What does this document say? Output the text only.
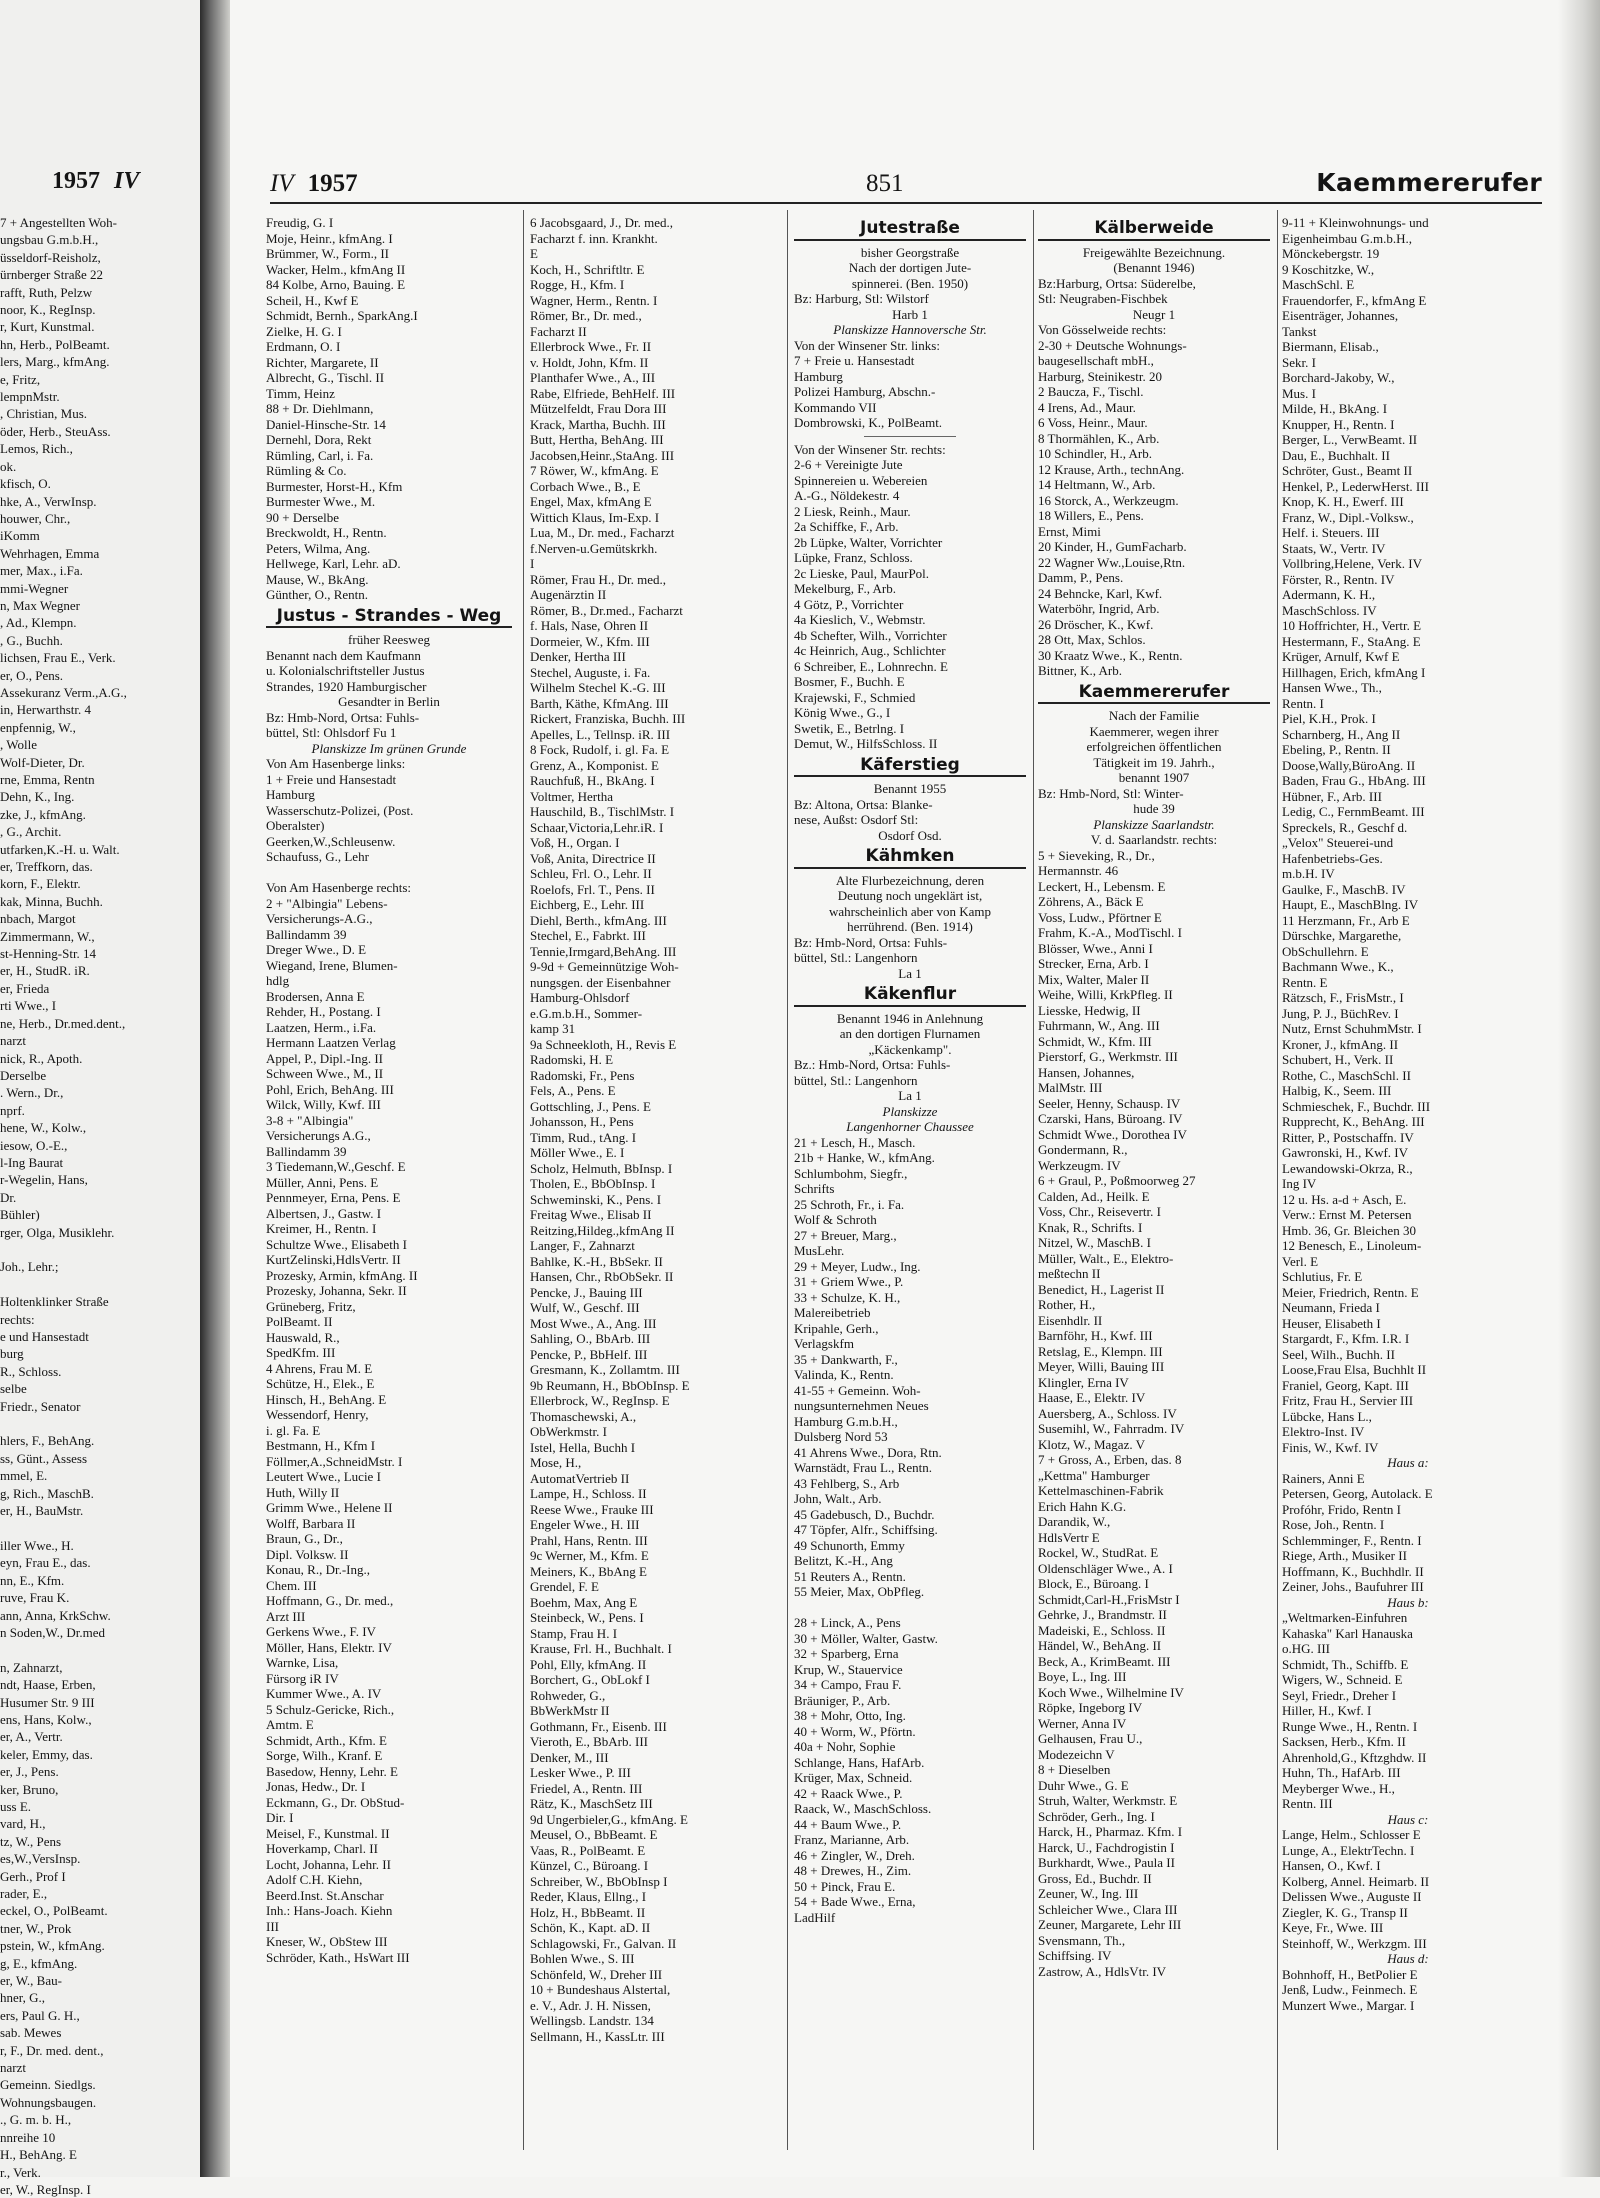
1957 IV
7 + Angestellten Woh-
ungsbau G.m.b.H.,
üsseldorf-Reisholz,
ürnberger Straße 22
rafft, Ruth, Pelzw
noor, K., RegInsp.
r, Kurt, Kunstmal.
hn, Herb., PolBeamt.
lers, Marg., kfmAng.
e, Fritz,
lempnMstr.
, Christian, Mus.
öder, Herb., SteuAss.
Lemos, Rich.,
ok.
kfisch, O.
hke, A., VerwInsp.
houwer, Chr.,
iKomm
Wehrhagen, Emma
mer, Max., i.Fa.
mmi-Wegner
n, Max Wegner
, Ad., Klempn.
, G., Buchh.
lichsen, Frau E., Verk.
er, O., Pens.
Assekuranz Verm.,A.G.,
in, Herwarthstr. 4
enpfennig, W.,
, Wolle
Wolf-Dieter, Dr.
rne, Emma, Rentn
Dehn, K., Ing.
zke, J., kfmAng.
, G., Archit.
utfarken,K.-H. u. Walt.
er, Treffkorn, das.
korn, F., Elektr.
kak, Minna, Buchh.
nbach, Margot
Zimmermann, W.,
st-Henning-Str. 14
er, H., StudR. iR.
er, Frieda
rti Wwe., I
ne, Herb., Dr.med.dent.,
narzt
nick, R., Apoth.
Derselbe
. Wern., Dr.,
nprf.
hene, W., Kolw.,
iesow, O.-E.,
l-Ing Baurat
r-Wegelin, Hans,
Dr.
Bühler)
rger, Olga, Musiklehr.

Joh., Lehr.;

Holtenklinker Straße
rechts:
e und Hansestadt
burg
R., Schloss.
selbe
Friedr., Senator

hlers, F., BehAng.
ss, Günt., Assess
mmel, E.
g, Rich., MaschB.
er, H., BauMstr.

iller Wwe., H.
eyn, Frau E., das.
nn, E., Kfm.
ruve, Frau K.
ann, Anna, KrkSchw.
n Soden,W., Dr.med

n, Zahnarzt,
ndt, Haase, Erben,
Husumer Str. 9 III
ens, Hans, Kolw.,
er, A., Vertr.
keler, Emmy, das.
er, J., Pens.
ker, Bruno,
uss E.
vard, H.,
tz, W., Pens
es,W.,VersInsp.
Gerh., Prof I
rader, E.,
eckel, O., PolBeamt.
tner, W., Prok
pstein, W., kfmAng.
g, E., kfmAng.
er, W., Bau-
hner, G.,
ers, Paul G. H.,
sab. Mewes
r, F., Dr. med. dent.,
narzt
Gemeinn. Siedlgs.
Wohnungsbaugen.
., G. m. b. H.,
nnreihe 10
H., BehAng. E
r., Verk.
er, W., RegInsp. I
IV 1957	851	Kaemmererufer
Freudig, G. I
Moje, Heinr., kfmAng. I
Brümmer, W., Form., II
Wacker, Helm., kfmAng II
84 Kolbe, Arno, Bauing. E
Scheil, H., Kwf E
Schmidt, Bernh., SparkAng.I
Zielke, H. G. I
Erdmann, O. I
Richter, Margarete, II
Albrecht, G., Tischl. II
Timm, Heinz
88 + Dr. Diehlmann,
Daniel-Hinsche-Str. 14
Dernehl, Dora, Rekt
Rümling, Carl, i. Fa.
Rümling & Co.
Burmester, Horst-H., Kfm
Burmester Wwe., M.
90 + Derselbe
Breckwoldt, H., Rentn.
Peters, Wilma, Ang.
Hellwege, Karl, Lehr. aD.
Mause, W., BkAng.
Günther, O., Rentn.
Justus - Strandes - Weg
früher Reesweg
Benannt nach dem Kaufmann
u. Kolonialschriftsteller Justus
Strandes, 1920 Hamburgischer
Gesandter in Berlin
Bz: Hmb-Nord, Ortsa: Fuhls-
büttel, Stl: Ohlsdorf Fu 1
Planskizze Im grünen Grunde
Von Am Hasenberge links:
1 + Freie und Hansestadt
Hamburg
Wasserschutz-Polizei, (Post.
Oberalster)
Geerken,W.,Schleusenw.
Schaufuss, G., Lehr

Von Am Hasenberge rechts:
2 + "Albingia" Lebens-
Versicherungs-A.G.,
Ballindamm 39
Dreger Wwe., D. E
Wiegand, Irene, Blumen-
hdlg
Brodersen, Anna E
Rehder, H., Postang. I
Laatzen, Herm., i.Fa.
Hermann Laatzen Verlag
Appel, P., Dipl.-Ing. II
Schween Wwe., M., II
Pohl, Erich, BehAng. III
Wilck, Willy, Kwf. III
3-8 + "Albingia"
Versicherungs A.G.,
Ballindamm 39
3 Tiedemann,W.,Geschf. E
Müller, Anni, Pens. E
Pennmeyer, Erna, Pens. E
Albertsen, J., Gastw. I
Kreimer, H., Rentn. I
Schultze Wwe., Elisabeth I
KurtZelinski,HdlsVertr. II
Prozesky, Armin, kfmAng. II
Prozesky, Johanna, Sekr. II
Grüneberg, Fritz,
PolBeamt. II
Hauswald, R.,
SpedKfm. III
4 Ahrens, Frau M. E
Schütze, H., Elek., E
Hinsch, H., BehAng. E
Wessendorf, Henry,
i. gl. Fa. E
Bestmann, H., Kfm I
Föllmer,A.,SchneidMstr. I
Leutert Wwe., Lucie I
Huth, Willy II
Grimm Wwe., Helene II
Wolff, Barbara II
Braun, G., Dr.,
Dipl. Volksw. II
Konau, R., Dr.-Ing.,
Chem. III
Hoffmann, G., Dr. med.,
Arzt III
Gerkens Wwe., F. IV
Möller, Hans, Elektr. IV
Warnke, Lisa,
Fürsorg iR IV
Kummer Wwe., A. IV
5 Schulz-Gericke, Rich.,
Amtm. E
Schmidt, Arth., Kfm. E
Sorge, Wilh., Kranf. E
Basedow, Henny, Lehr. E
Jonas, Hedw., Dr. I
Eckmann, G., Dr. ObStud-
Dir. I
Meisel, F., Kunstmal. II
Hoverkamp, Charl. II
Locht, Johanna, Lehr. II
Adolf C.H. Kiehn,
Beerd.Inst. St.Anschar
Inh.: Hans-Joach. Kiehn
III
Kneser, W., ObStew III
Schröder, Kath., HsWart III
6 Jacobsgaard, J., Dr. med.,
Facharzt f. inn. Krankht.
E
Koch, H., Schriftltr. E
Rogge, H., Kfm. I
Wagner, Herm., Rentn. I
Römer, Br., Dr. med.,
Facharzt II
Ellerbrock Wwe., Fr. II
v. Holdt, John, Kfm. II
Planthafer Wwe., A., III
Rabe, Elfriede, BehHelf. III
Mützelfeldt, Frau Dora III
Krack, Martha, Buchh. III
Butt, Hertha, BehAng. III
Jacobsen,Heinr.,StaAng. III
7 Röwer, W., kfmAng. E
Corbach Wwe., B., E
Engel, Max, kfmAng E
Wittich Klaus, Im-Exp. I
Lua, M., Dr. med., Facharzt
f.Nerven-u.Gemütskrkh.
I
Römer, Frau H., Dr. med.,
Augenärztin II
Römer, B., Dr.med., Facharzt
f. Hals, Nase, Ohren II
Dormeier, W., Kfm. III
Denker, Hertha III
Stechel, Auguste, i. Fa.
Wilhelm Stechel K.-G. III
Barth, Käthe, KfmAng. III
Rickert, Franziska, Buchh. III
Apelles, L., Tellnsp. iR. III
8 Fock, Rudolf, i. gl. Fa. E
Grenz, A., Komponist. E
Rauchfuß, H., BkAng. I
Voltmer, Hertha
Hauschild, B., TischlMstr. I
Schaar,Victoria,Lehr.iR. I
Voß, H., Organ. I
Voß, Anita, Directrice II
Schleu, Frl. O., Lehr. II
Roelofs, Frl. T., Pens. II
Eichberg, E., Lehr. III
Diehl, Berth., kfmAng. III
Stechel, E., Fabrkt. III
Tennie,Irmgard,BehAng. III
9-9d + Gemeinnützige Woh-
nungsgen. der Eisenbahner
Hamburg-Ohlsdorf
e.G.m.b.H., Sommer-
kamp 31
9a Schneekloth, H., Revis E
Radomski, H. E
Radomski, Fr., Pens
Fels, A., Pens. E
Gottschling, J., Pens. E
Johansson, H., Pens
Timm, Rud., tAng. I
Möller Wwe., E. I
Scholz, Helmuth, BbInsp. I
Tholen, E., BbObInsp. I
Schweminski, K., Pens. I
Freitag Wwe., Elisab II
Reitzing,Hildeg.,kfmAng II
Langer, F., Zahnarzt
Bahlke, K.-H., BbSekr. II
Hansen, Chr., RbObSekr. II
Pencke, J., Bauing III
Wulf, W., Geschf. III
Most Wwe., A., Ang. III
Sahling, O., BbArb. III
Pencke, P., BbHelf. III
Gresmann, K., Zollamtm. III
9b Reumann, H., BbObInsp. E
Ellerbrock, W., RegInsp. E
Thomaschewski, A.,
ObWerkmstr. I
Istel, Hella, Buchh I
Mose, H.,
AutomatVertrieb II
Lampe, H., Schloss. II
Reese Wwe., Frauke III
Engeler Wwe., H. III
Prahl, Hans, Rentn. III
9c Werner, M., Kfm. E
Meiners, K., BbAng E
Grendel, F. E
Boehm, Max, Ang E
Steinbeck, W., Pens. I
Stamp, Frau H. I
Krause, Frl. H., Buchhalt. I
Pohl, Elly, kfmAng. II
Borchert, G., ObLokf I
Rohweder, G.,
BbWerkMstr II
Gothmann, Fr., Eisenb. III
Vieroth, E., BbArb. III
Denker, M., III
Lesker Wwe., P. III
Friedel, A., Rentn. III
Rätz, K., MaschSetz III
9d Ungerbieler,G., kfmAng. E
Meusel, O., BbBeamt. E
Vaas, R., PolBeamt. E
Künzel, C., Büroang. I
Schreiber, W., BbObInsp I
Reder, Klaus, Ellng., I
Holz, H., BbBeamt. II
Schön, K., Kapt. aD. II
Schlagowski, Fr., Galvan. II
Bohlen Wwe., S. III
Schönfeld, W., Dreher III
10 + Bundeshaus Alstertal,
e. V., Adr. J. H. Nissen,
Wellingsb. Landstr. 134
Sellmann, H., KassLtr. III
Jutestraße
bisher Georgstraße
Nach der dortigen Jute-
spinnerei. (Ben. 1950)
Bz: Harburg, Stl: Wilstorf
Harb 1
Planskizze Hannoversche Str.
Von der Winsener Str. links:
7 + Freie u. Hansestadt
Hamburg
Polizei Hamburg, Abschn.-
Kommando VII
Dombrowski, K., PolBeamt.
Von der Winsener Str. rechts:
2-6 + Vereinigte Jute
Spinnereien u. Webereien
A.-G., Nöldekestr. 4
2 Liesk, Reinh., Maur.
2a Schiffke, F., Arb.
2b Lüpke, Walter, Vorrichter
Lüpke, Franz, Schloss.
2c Lieske, Paul, MaurPol.
Mekelburg, F., Arb.
4 Götz, P., Vorrichter
4a Kieslich, V., Webmstr.
4b Schefter, Wilh., Vorrichter
4c Heinrich, Aug., Schlichter
6 Schreiber, E., Lohnrechn. E
Bosmer, F., Buchh. E
Krajewski, F., Schmied
König Wwe., G., I
Swetik, E., Betrlng. I
Demut, W., HilfsSchloss. II
Käferstieg
Benannt 1955
Bz: Altona, Ortsa: Blanke-
nese, Außst: Osdorf Stl:
Osdorf Osd.
Kähmken
Alte Flurbezeichnung, deren
Deutung noch ungeklärt ist,
wahrscheinlich aber von Kamp
herrührend. (Ben. 1914)
Bz: Hmb-Nord, Ortsa: Fuhls-
büttel, Stl.: Langenhorn
La 1
Käkenflur
Benannt 1946 in Anlehnung
an den dortigen Flurnamen
„Käckenkamp".
Bz.: Hmb-Nord, Ortsa: Fuhls-
büttel, Stl.: Langenhorn
La 1
Planskizze
Langenhorner Chaussee
21 + Lesch, H., Masch.
21b + Hanke, W., kfmAng.
Schlumbohm, Siegfr.,
Schrifts
25 Schroth, Fr., i. Fa.
Wolf & Schroth
27 + Breuer, Marg.,
MusLehr.
29 + Meyer, Ludw., Ing.
31 + Griem Wwe., P.
33 + Schulze, K. H.,
Malereibetrieb
Kripahle, Gerh.,
Verlagskfm
35 + Dankwarth, F.,
Valinda, K., Rentn.
41-55 + Gemeinn. Woh-
nungsunternehmen Neues
Hamburg G.m.b.H.,
Dulsberg Nord 53
41 Ahrens Wwe., Dora, Rtn.
Warnstädt, Frau L., Rentn.
43 Fehlberg, S., Arb
John, Walt., Arb.
45 Gadebusch, D., Buchdr.
47 Töpfer, Alfr., Schiffsing.
49 Schunorth, Emmy
Belitzt, K.-H., Ang
51 Reuters A., Rentn.
55 Meier, Max, ObPfleg.

28 + Linck, A., Pens
30 + Möller, Walter, Gastw.
32 + Sparberg, Erna
Krup, W., Stauervice
34 + Campo, Frau F.
Bräuniger, P., Arb.
38 + Mohr, Otto, Ing.
40 + Worm, W., Pförtn.
40a + Nohr, Sophie
Schlange, Hans, HafArb.
Krüger, Max, Schneid.
42 + Raack Wwe., P.
Raack, W., MaschSchloss.
44 + Baum Wwe., P.
Franz, Marianne, Arb.
46 + Zingler, W., Dreh.
48 + Drewes, H., Zim.
50 + Pinck, Frau E.
54 + Bade Wwe., Erna,
LadHilf
Kälberweide
Freigewählte Bezeichnung.
(Benannt 1946)
Bz:Harburg, Ortsa: Süderelbe,
Stl: Neugraben-Fischbek
Neugr 1
Von Gösselweide rechts:
2-30 + Deutsche Wohnungs-
baugesellschaft mbH.,
Harburg, Steinikestr. 20
2 Baucza, F., Tischl.
4 Irens, Ad., Maur.
6 Voss, Heinr., Maur.
8 Thormählen, K., Arb.
10 Schindler, H., Arb.
12 Krause, Arth., technAng.
14 Heltmann, W., Arb.
16 Storck, A., Werkzeugm.
18 Willers, E., Pens.
Ernst, Mimi
20 Kinder, H., GumFacharb.
22 Wagner Ww.,Louise,Rtn.
Damm, P., Pens.
24 Behncke, Karl, Kwf.
Waterböhr, Ingrid, Arb.
26 Dröscher, K., Kwf.
28 Ott, Max, Schlos.
30 Kraatz Wwe., K., Rentn.
Bittner, K., Arb.
Kaemmererufer
Nach der Familie
Kaemmerer, wegen ihrer
erfolgreichen öffentlichen
Tätigkeit im 19. Jahrh.,
benannt 1907
Bz: Hmb-Nord, Stl: Winter-
hude 39
Planskizze Saarlandstr.
V. d. Saarlandstr. rechts:
5 + Sieveking, R., Dr.,
Hermannstr. 46
Leckert, H., Lebensm. E
Zöhrens, A., Bäck E
Voss, Ludw., Pförtner E
Frahm, K.-A., ModTischl. I
Blösser, Wwe., Anni I
Strecker, Erna, Arb. I
Mix, Walter, Maler II
Weihe, Willi, KrkPfleg. II
Liesske, Hedwig, II
Fuhrmann, W., Ang. III
Schmidt, W., Kfm. III
Pierstorf, G., Werkmstr. III
Hansen, Johannes,
MalMstr. III
Seeler, Henny, Schausp. IV
Czarski, Hans, Büroang. IV
Schmidt Wwe., Dorothea IV
Gondermann, R.,
Werkzeugm. IV
6 + Graul, P., Poßmoorweg 27
Calden, Ad., Heilk. E
Voss, Chr., Reisevertr. I
Knak, R., Schrifts. I
Nitzel, W., MaschB. I
Müller, Walt., E., Elektro-
meßtechn II
Benedict, H., Lagerist II
Rother, H.,
Eisenhdlr. II
Barnföhr, H., Kwf. III
Retslag, E., Klempn. III
Meyer, Willi, Bauing III
Klingler, Erna IV
Haase, E., Elektr. IV
Auersberg, A., Schloss. IV
Susemihl, W., Fahrradm. IV
Klotz, W., Magaz. V
7 + Gross, A., Erben, das. 8
„Kettma" Hamburger
Kettelmaschinen-Fabrik
Erich Hahn K.G.
Darandik, W.,
HdlsVertr E
Rockel, W., StudRat. E
Oldenschläger Wwe., A. I
Block, E., Büroang. I
Schmidt,Carl-H.,FrisMstr I
Gehrke, J., Brandmstr. II
Madeiski, E., Schloss. II
Händel, W., BehAng. II
Beck, A., KrimBeamt. III
Boye, L., Ing. III
Koch Wwe., Wilhelmine IV
Röpke, Ingeborg IV
Werner, Anna IV
Gelhausen, Frau U.,
Modezeichn V
8 + Dieselben
Duhr Wwe., G. E
Struh, Walter, Werkmstr. E
Schröder, Gerh., Ing. I
Harck, H., Pharmaz. Kfm. I
Harck, U., Fachdrogistin I
Burkhardt, Wwe., Paula II
Gross, Ed., Buchdr. II
Zeuner, W., Ing. III
Schleicher Wwe., Clara III
Zeuner, Margarete, Lehr III
Svensmann, Th.,
Schiffsing. IV
Zastrow, A., HdlsVtr. IV
9-11 + Kleinwohnungs- und
Eigenheimbau G.m.b.H.,
Mönckebergstr. 19
9 Koschitzke, W.,
MaschSchl. E
Frauendorfer, F., kfmAng E
Eisenträger, Johannes,
Tankst
Biermann, Elisab.,
Sekr. I
Borchard-Jakoby, W.,
Mus. I
Milde, H., BkAng. I
Knupper, H., Rentn. I
Berger, L., VerwBeamt. II
Dau, E., Buchhalt. II
Schröter, Gust., Beamt II
Henkel, P., LederwHerst. III
Knop, K. H., Ewerf. III
Franz, W., Dipl.-Volksw.,
Helf. i. Steuers. III
Staats, W., Vertr. IV
Vollbring,Helene, Verk. IV
Förster, R., Rentn. IV
Adermann, K. H.,
MaschSchloss. IV
10 Hoffrichter, H., Vertr. E
Hestermann, F., StaAng. E
Krüger, Arnulf, Kwf E
Hillhagen, Erich, kfmAng I
Hansen Wwe., Th.,
Rentn. I
Piel, K.H., Prok. I
Scharnberg, H., Ang II
Ebeling, P., Rentn. II
Doose,Wally,BüroAng. II
Baden, Frau G., HbAng. III
Hübner, F., Arb. III
Ledig, C., FernmBeamt. III
Spreckels, R., Geschf d.
„Velox" Steuerei-und
Hafenbetriebs-Ges.
m.b.H. IV
Gaulke, F., MaschB. IV
Haupt, E., MaschBlng. IV
11 Herzmann, Fr., Arb E
Dürschke, Margarethe,
ObSchullehrn. E
Bachmann Wwe., K.,
Rentn. E
Rätzsch, F., FrisMstr., I
Jung, P. J., BüchRev. I
Nutz, Ernst SchuhmMstr. I
Kroner, J., kfmAng. II
Schubert, H., Verk. II
Rothe, C., MaschSchl. II
Halbig, K., Seem. III
Schmieschek, F., Buchdr. III
Rupprecht, K., BehAng. III
Ritter, P., Postschaffn. IV
Gawronski, H., Kwf. IV
Lewandowski-Okrza, R.,
Ing IV
12 u. Hs. a-d + Asch, E.
Verw.: Ernst M. Petersen
Hmb. 36, Gr. Bleichen 30
12 Benesch, E., Linoleum-
Verl. E
Schlutius, Fr. E
Meier, Friedrich, Rentn. E
Neumann, Frieda I
Heuser, Elisabeth I
Stargardt, F., Kfm. I.R. I
Seel, Wilh., Buchh. II
Loose,Frau Elsa, Buchhlt II
Franiel, Georg, Kapt. III
Fritz, Frau H., Servier III
Lübcke, Hans L.,
Elektro-Inst. IV
Finis, W., Kwf. IV
Haus a:
Rainers, Anni E
Petersen, Georg, Autolack. E
Profóhr, Frido, Rentn I
Rose, Joh., Rentn. I
Schlemminger, F., Rentn. I
Riege, Arth., Musiker II
Hoffmann, K., Buchhdlr. II
Zeiner, Johs., Baufuhrer III
Haus b:
„Weltmarken-Einfuhren
Kahaska" Karl Hanauska
o.HG. III
Schmidt, Th., Schiffb. E
Wigers, W., Schneid. E
Seyl, Friedr., Dreher I
Hiller, H., Kwf. I
Runge Wwe., H., Rentn. I
Sacksen, Herb., Kfm. II
Ahrenhold,G., Kftzghdw. II
Huhn, Th., HafArb. III
Meyberger Wwe., H.,
Rentn. III
Haus c:
Lange, Helm., Schlosser E
Lunge, A., ElektrTechn. I
Hansen, O., Kwf. I
Kolberg, Annel. Heimarb. II
Delissen Wwe., Auguste II
Ziegler, K. G., Transp II
Keye, Fr., Wwe. III
Steinhoff, W., Werkzgm. III
Haus d:
Bohnhoff, H., BetPolier E
Jenß, Ludw., Feinmech. E
Munzert Wwe., Margar. I
